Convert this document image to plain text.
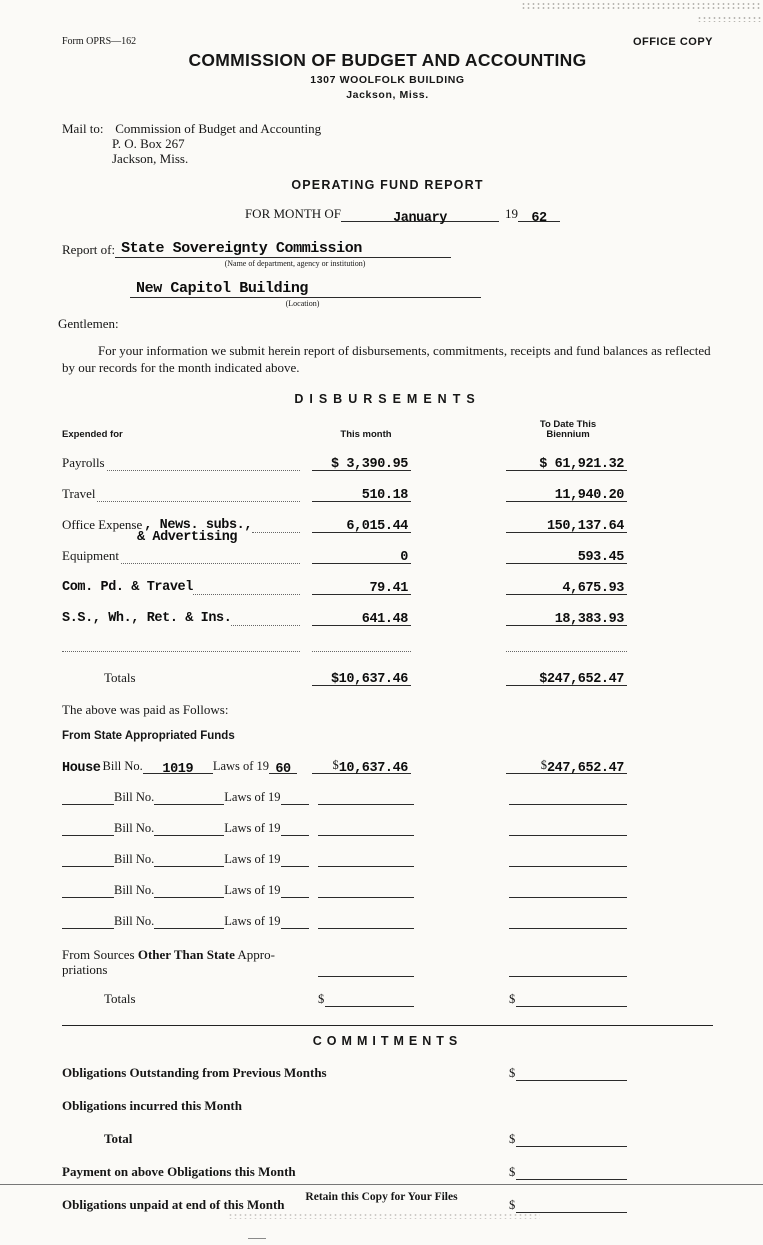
Form OPRS—162	OFFICE COPY
COMMISSION OF BUDGET AND ACCOUNTING
1307 WOOLFOLK BUILDING
Jackson, Miss.
Mail to: Commission of Budget and Accounting
P. O. Box 267
Jackson, Miss.
OPERATING FUND REPORT
FOR MONTH OF	January	19 62
Report of: State Sovereignty Commission
(Name of department, agency or institution)
New Capitol Building
(Location)
Gentlemen:
For your information we submit herein report of disbursements, commitments, receipts and fund balances as reflected by our records for the month indicated above.
DISBURSEMENTS
Expended for	This month
To Date This
Biennium
Payrolls	$ 3,390.95	$ 61,921.32
Travel	510.18	11,940.20
Office Expense , News. subs.,
& Advertising
6,015.44	150,137.64
Equipment	0	593.45
Com. Pd. & Travel	79.41	4,675.93
S.S., Wh., Ret. & Ins.	641.48	18,383.93
Totals	$10,637.46	$247,652.47
The above was paid as Follows:
From State Appropriated Funds
House Bill No.	1019	Laws of 19 60	$10,637.46	$247,652.47
Bill No.	Laws of 19
Bill No.	Laws of 19
Bill No.	Laws of 19
Bill No.	Laws of 19
Bill No.	Laws of 19
From Sources Other Than State Appro-
priations
Totals	$	$
COMMITMENTS
Obligations Outstanding from Previous Months	$
Obligations incurred this Month
Total	$
Payment on above Obligations this Month	$
Obligations unpaid at end of this Month	$
Retain this Copy for Your Files
